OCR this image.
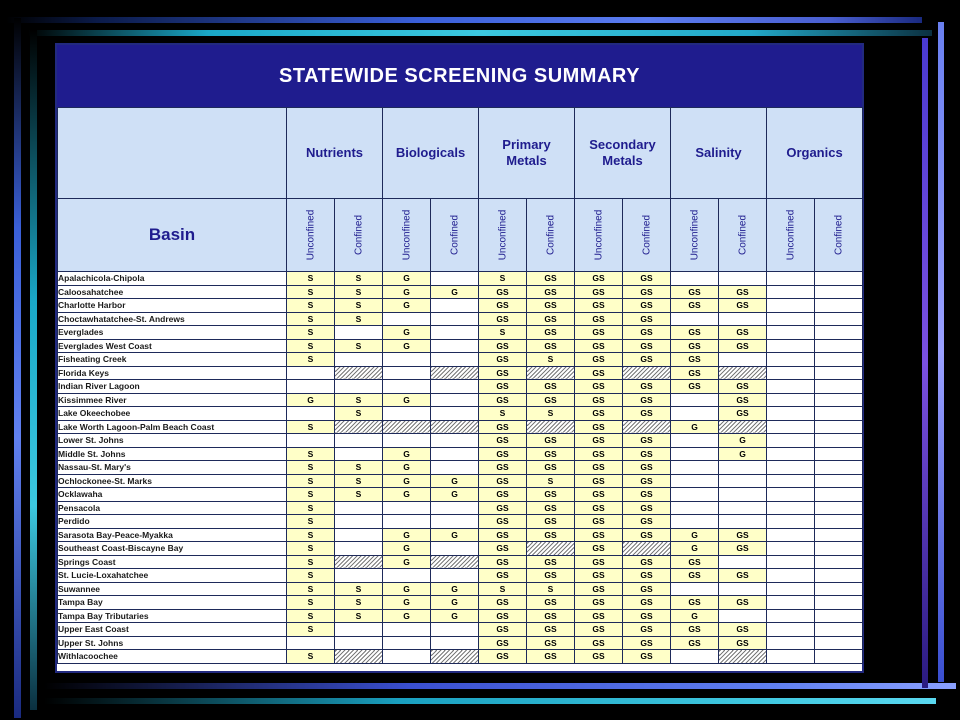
STATEWIDE SCREENING SUMMARY
	Nutrients		Biologicals		Primary Metals		Secondary Metals		Salinity		Organics	
Basin	Unconfined	Confined	Unconfined	Confined	Unconfined	Confined	Unconfined	Confined	Unconfined	Confined	Unconfined	Confined

Apalachicola-Chipola	S	S	G		S	GS	GS	GS				
Caloosahatchee	S	S	G	G	GS	GS	GS	GS	GS	GS		
Charlotte Harbor	S	S	G		GS	GS	GS	GS	GS	GS		
Choctawhatatchee-St. Andrews	S	S			GS	GS	GS	GS				
Everglades	S		G		S	GS	GS	GS	GS	GS		
Everglades West Coast	S	S	G		GS	GS	GS	GS	GS	GS		
Fisheating Creek	S				GS	S	GS	GS	GS			
Florida Keys					GS		GS		GS			
Indian River Lagoon					GS	GS	GS	GS	GS	GS		
Kissimmee River	G	S	G		GS	GS	GS	GS		GS		
Lake Okeechobee		S			S	S	GS	GS		GS		
Lake Worth Lagoon-Palm Beach Coast	S				GS		GS		G			
Lower St. Johns					GS	GS	GS	GS		G		
Middle St. Johns	S		G		GS	GS	GS	GS		G		
Nassau-St. Mary's	S	S	G		GS	GS	GS	GS				
Ochlockonee-St. Marks	S	S	G	G	GS	S	GS	GS				
Ocklawaha	S	S	G	G	GS	GS	GS	GS				
Pensacola	S				GS	GS	GS	GS				
Perdido	S				GS	GS	GS	GS				
Sarasota Bay-Peace-Myakka	S		G	G	GS	GS	GS	GS	G	GS		
Southeast Coast-Biscayne Bay	S		G		GS		GS		G	GS		
Springs Coast	S		G		GS	GS	GS	GS	GS			
St. Lucie-Loxahatchee	S				GS	GS	GS	GS	GS	GS		
Suwannee	S	S	G	G	S	S	GS	GS				
Tampa Bay	S	S	G	G	GS	GS	GS	GS	GS	GS		
Tampa Bay Tributaries	S	S	G	G	GS	GS	GS	GS	G			
Upper East Coast	S				GS	GS	GS	GS	GS	GS		
Upper St. Johns					GS	GS	GS	GS	GS	GS		
Withlacoochee	S				GS	GS	GS	GS				
